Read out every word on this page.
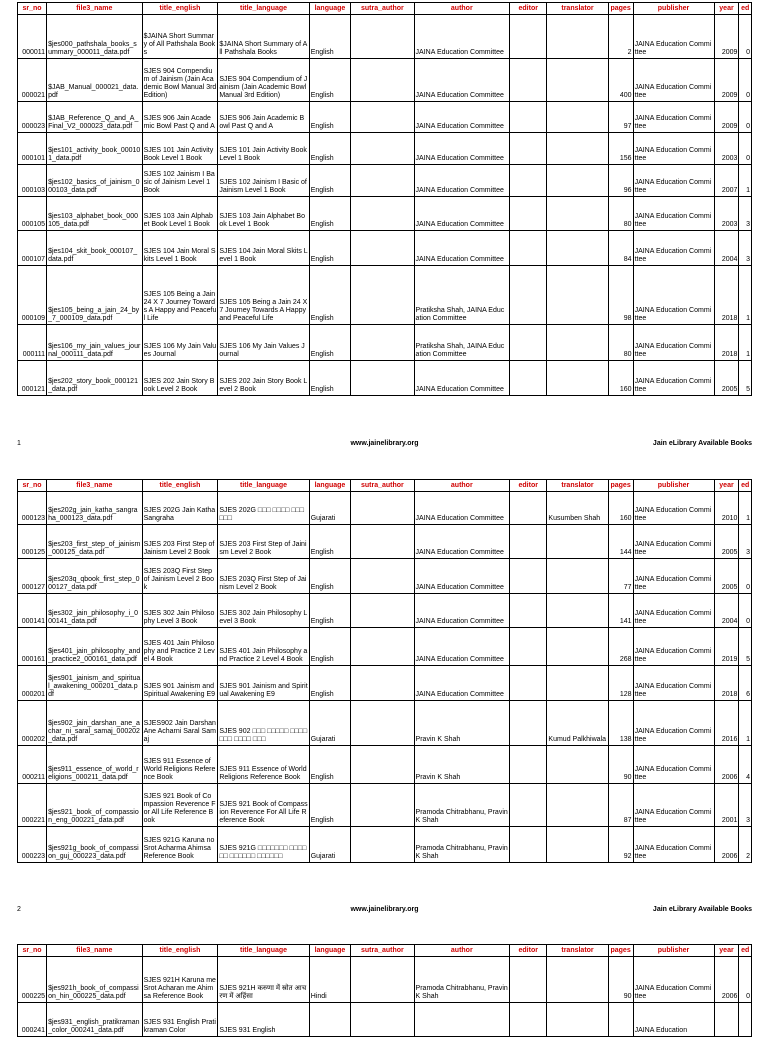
sr_no	file3_name	title_english	title_language	language	sutra_author	author	editor	translator	pages	publisher	year	ed
000011	$jes000_pathshala_books_summary_000011_data.pdf	$JAINA Short Summary of All Pathshala Books	$JAINA Short Summary of All Pathshala Books	English		JAINA Education Committee			2	JAINA Education Committee	2009	0
000021	$JAB_Manual_000021_data.pdf	SJES 904 Compendium of Jainism (Jain Academic Bowl Manual 3rd Edition)	SJES 904 Compendium of Jainism (Jain Academic Bowl Manual 3rd Edition)	English		JAINA Education Committee			400	JAINA Education Committee	2009	0
000023	$JAB_Reference_Q_and_A_Final_V2_000023_data.pdf	SJES 906 Jain Academic Bowl Past Q and A	SJES 906 Jain Academic Bowl Past Q and A	English		JAINA Education Committee			97	JAINA Education Committee	2009	0
000101	$jes101_activity_book_000101_data.pdf	SJES 101 Jain Activity Book Level 1 Book	SJES 101 Jain Activity Book Level 1 Book	English		JAINA Education Committee			156	JAINA Education Committee	2003	0
000103	$jes102_basics_of_jainism_000103_data.pdf	SJES 102 Jainism I Basic of Jainism Level 1 Book	SJES 102 Jainism I Basic of Jainism Level 1 Book	English		JAINA Education Committee			96	JAINA Education Committee	2007	1
000105	$jes103_alphabet_book_000105_data.pdf	SJES 103 Jain Alphabet Book Level 1 Book	SJES 103 Jain Alphabet Book Level 1 Book	English		JAINA Education Committee			80	JAINA Education Committee	2003	3
000107	$jes104_skit_book_000107_data.pdf	SJES 104 Jain Moral Skits Level 1 Book	SJES 104 Jain Moral Skits Level 1 Book	English		JAINA Education Committee			84	JAINA Education Committee	2004	3
000109	$jes105_being_a_jain_24_by_7_000109_data.pdf	SJES 105 Being a Jain 24 X 7 Journey Towards A Happy and Peaceful Life	SJES 105 Being a Jain 24 X 7 Journey Towards A Happy and Peaceful Life	English		Pratiksha Shah, JAINA Education Committee			98	JAINA Education Committee	2018	1
000111	$jes106_my_jain_values_journal_000111_data.pdf	SJES 106 My Jain Values Journal	SJES 106 My Jain Values Journal	English		Pratiksha Shah, JAINA Education Committee			80	JAINA Education Committee	2018	1
000121	$jes202_story_book_000121_data.pdf	SJES 202 Jain Story Book Level 2 Book	SJES 202 Jain Story Book Level 2 Book	English		JAINA Education Committee			160	JAINA Education Committee	2005	5
1	www.jainelibrary.org	Jain eLibrary Available Books
sr_no	file3_name	title_english	title_language	language	sutra_author	author	editor	translator	pages	publisher	year	ed
000123	$jes202g_jain_katha_sangraha_000123_data.pdf	SJES 202G Jain Katha Sangraha	SJES 202G □□□ □□□□ □□□□□□	Gujarati		JAINA Education Committee		Kusumben Shah	160	JAINA Education Committee	2010	1
000125	$jes203_first_step_of_jainism_000125_data.pdf	SJES 203 First Step of Jainism Level 2 Book	SJES 203 First Step of Jainism Level 2 Book	English		JAINA Education Committee			144	JAINA Education Committee	2005	3
000127	$jes203q_qbook_first_step_000127_data.pdf	SJES 203Q First Step of Jainism Level 2 Book	SJES 203Q First Step of Jainism Level 2 Book	English		JAINA Education Committee			77	JAINA Education Committee	2005	0
000141	$jes302_jain_philosophy_i_000141_data.pdf	SJES 302 Jain Philosophy Level 3 Book	SJES 302 Jain Philosophy Level 3 Book	English		JAINA Education Committee			141	JAINA Education Committee	2004	0
000161	$jes401_jain_philosophy_and_practice2_000161_data.pdf	SJES 401 Jain Philosophy and Practice 2 Level 4 Book	SJES 401 Jain Philosophy and Practice 2 Level 4 Book	English		JAINA Education Committee			268	JAINA Education Committee	2019	5
000201	$jes901_jainism_and_spiritual_awakening_000201_data.pdf	SJES 901 Jainism and Spiritual Awakening E9	SJES 901 Jainism and Spiritual Awakening E9	English		JAINA Education Committee			128	JAINA Education Committee	2018	6
000202	$jes902_jain_darshan_ane_achar_ni_saral_samaj_000202_data.pdf	SJES902 Jain Darshan Ane Acharni Saral Samaj	SJES 902 □□□ □□□□□ □□□□□□□ □□□□ □□□	Gujarati		Pravin K Shah		Kumud Palkhiwala	138	JAINA Education Committee	2016	1
000211	$jes911_essence_of_world_religions_000211_data.pdf	SJES 911 Essence of World Religions Reference Book	SJES 911 Essence of World Religions Reference Book	English		Pravin K Shah			90	JAINA Education Committee	2006	4
000221	$jes921_book_of_compassion_eng_000221_data.pdf	SJES 921 Book of Compassion Reverence For All Life Reference Book	SJES 921 Book of Compassion Reverence For All Life Reference Book	English		Pramoda Chitrabhanu, Pravin K Shah			87	JAINA Education Committee	2001	3
000223	$jes921g_book_of_compassion_guj_000223_data.pdf	SJES 921G Karuna no Srot Acharma Ahimsa Reference Book	SJES 921G □□□□□□□ □□□□□□ □□□□□□ □□□□□□	Gujarati		Pramoda Chitrabhanu, Pravin K Shah			92	JAINA Education Committee	2006	2
2	www.jainelibrary.org	Jain eLibrary Available Books
sr_no	file3_name	title_english	title_language	language	sutra_author	author	editor	translator	pages	publisher	year	ed
000225	$jes921h_book_of_compassion_hin_000225_data.pdf	SJES 921H Karuna me Srot Acharan me Ahimsa Reference Book	SJES 921H करुणा में स्रोत आचरण में अहिंसा	Hindi		Pramoda Chitrabhanu, Pravin K Shah			90	JAINA Education Committee	2006	0
000241	$jes931_english_pratikraman_color_000241_data.pdf	SJES 931 English Pratikraman Color	SJES 931 English							JAINA Education		
